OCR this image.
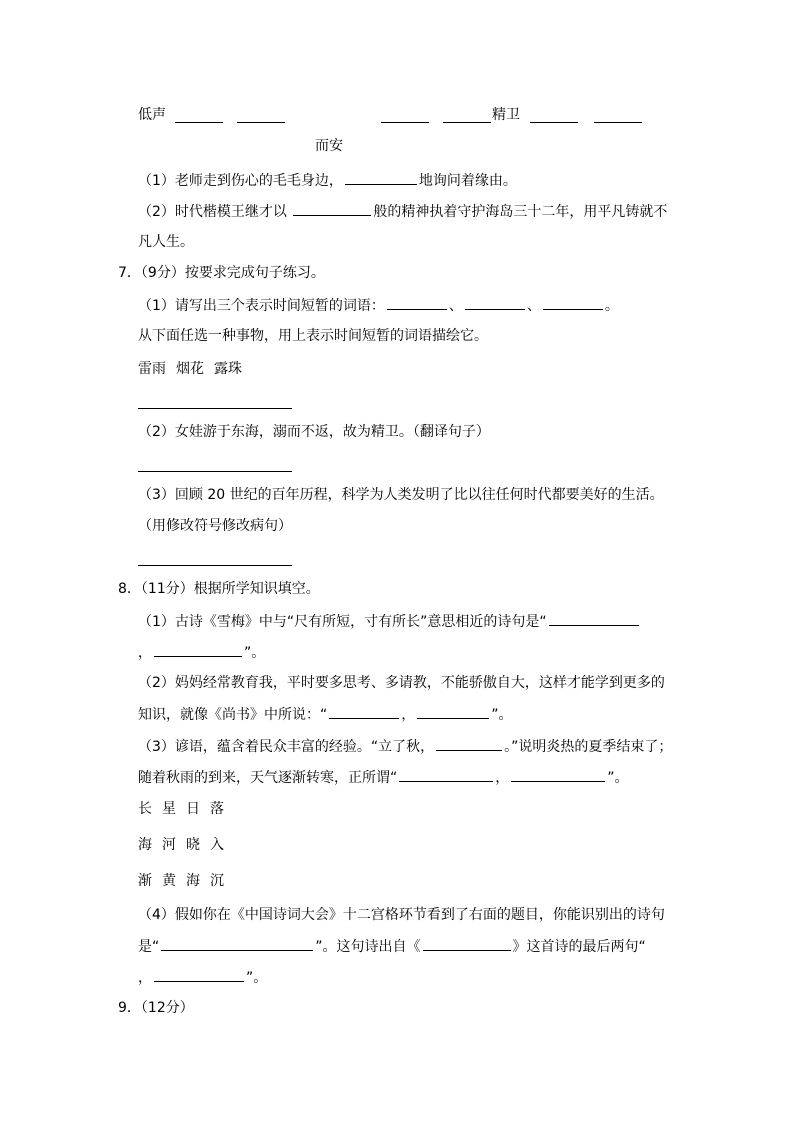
低声	精卫
而安
（1）老师走到伤心的毛毛身边，	地询问着缘由。
（2）时代楷模王继才以	般的精神执着守护海岛三十二年，用平凡铸就不
凡人生。
7．（9分）按要求完成句子练习。
（1）请写出三个表示时间短暂的词语：	、	、	。
从下面任选一种事物，用上表示时间短暂的词语描绘它。
雷雨 烟花 露珠
（2）女娃游于东海，溺而不返，故为精卫。（翻译句子）
（3）回顾 20 世纪的百年历程，科学为人类发明了比以往任何时代都要美好的生活。
（用修改符号修改病句）
8．（11分）根据所学知识填空。
（1）古诗《雪梅》中与“尺有所短，寸有所长”意思相近的诗句是“
，	”。
（2）妈妈经常教育我，平时要多思考、多请教，不能骄傲自大，这样才能学到更多的
知识，就像《尚书》中所说：“	，	”。
（3）谚语，蕴含着民众丰富的经验。“立了秋，	。”说明炎热的夏季结束了；
随着秋雨的到来，天气逐渐转寒，正所谓“	，	”。
长 星 日 落
海 河 晓 入
渐 黄 海 沉
（4）假如你在《中国诗词大会》十二宫格环节看到了右面的题目，你能识别出的诗句
是“	”。这句诗出自《	》这首诗的最后两句“
，	”。
9．（12分）
